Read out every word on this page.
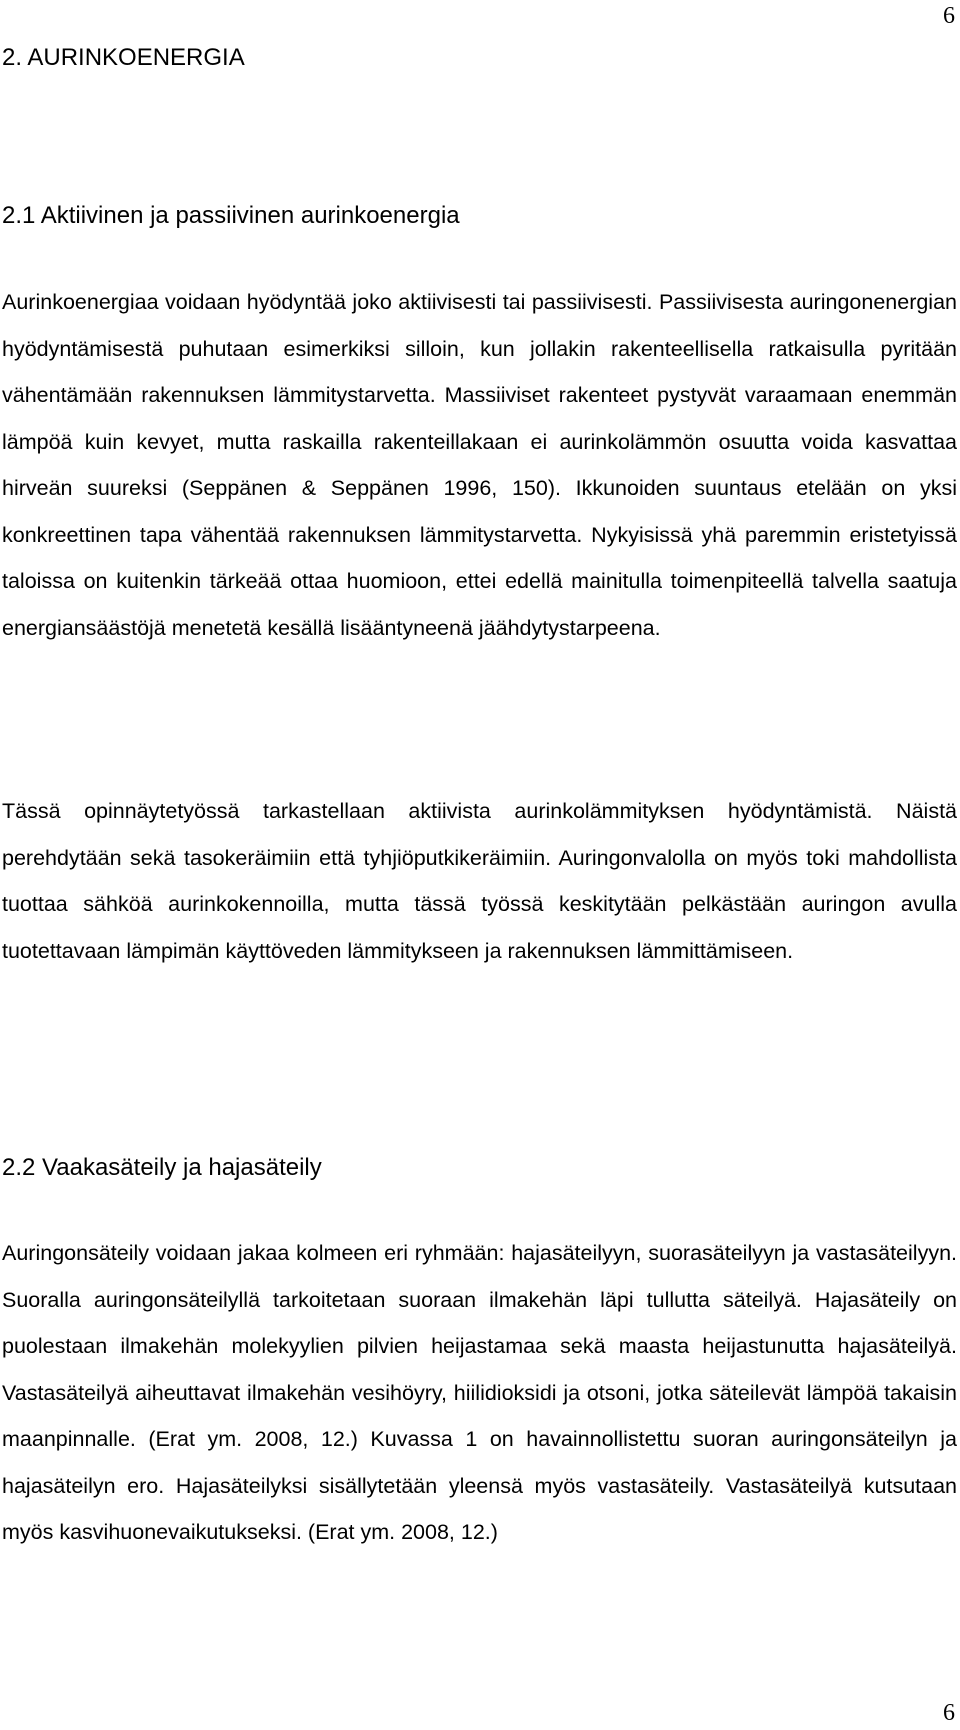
6
2. AURINKOENERGIA
2.1 Aktiivinen ja passiivinen aurinkoenergia

Aurinkoenergiaa voidaan hyödyntää joko aktiivisesti tai passiivisesti. Passiivisesta auringonenergian hyödyntämisestä puhutaan esimerkiksi silloin, kun jollakin rakenteellisella ratkaisulla pyritään vähentämään rakennuksen lämmitystarvetta. Massiiviset rakenteet pystyvät varaamaan enemmän lämpöä kuin kevyet, mutta raskailla rakenteillakaan ei aurinkolämmön osuutta voida kasvattaa hirveän suureksi (Seppänen & Seppänen 1996, 150). Ikkunoiden suuntaus etelään on yksi konkreettinen tapa vähentää rakennuksen lämmitystarvetta. Nykyisissä yhä paremmin eristetyissä taloissa on kuitenkin tärkeää ottaa huomioon, ettei edellä mainitulla toimenpiteellä talvella saatuja energiansäästöjä menetetä kesällä lisääntyneenä jäähdytystarpeena.

Tässä opinnäytetyössä tarkastellaan aktiivista aurinkolämmityksen hyödyntämistä. Näistä perehdytään sekä tasokeräimiin että tyhjiöputkikeräimiin. Auringonvalolla on myös toki mahdollista tuottaa sähköä aurinkokennoilla, mutta tässä työssä keskitytään pelkästään auringon avulla tuotettavaan lämpimän käyttöveden lämmitykseen ja rakennuksen lämmittämiseen.

2.2 Vaakasäteily ja hajasäteily

Auringonsäteily voidaan jakaa kolmeen eri ryhmään: hajasäteilyyn, suorasäteilyyn ja vastasäteilyyn. Suoralla auringonsäteilyllä tarkoitetaan suoraan ilmakehän läpi tullutta säteilyä. Hajasäteily on puolestaan ilmakehän molekyylien pilvien heijastamaa sekä maasta heijastunutta hajasäteilyä. Vastasäteilyä aiheuttavat ilmakehän vesihöyry, hiilidioksidi ja otsoni, jotka säteilevät lämpöä takaisin maanpinnalle. (Erat ym. 2008, 12.) Kuvassa 1 on havainnollistettu suoran auringonsäteilyn ja hajasäteilyn ero. Hajasäteilyksi sisällytetään yleensä myös vastasäteily. Vastasäteilyä kutsutaan myös kasvihuonevaikutukseksi. (Erat ym. 2008, 12.)

6
